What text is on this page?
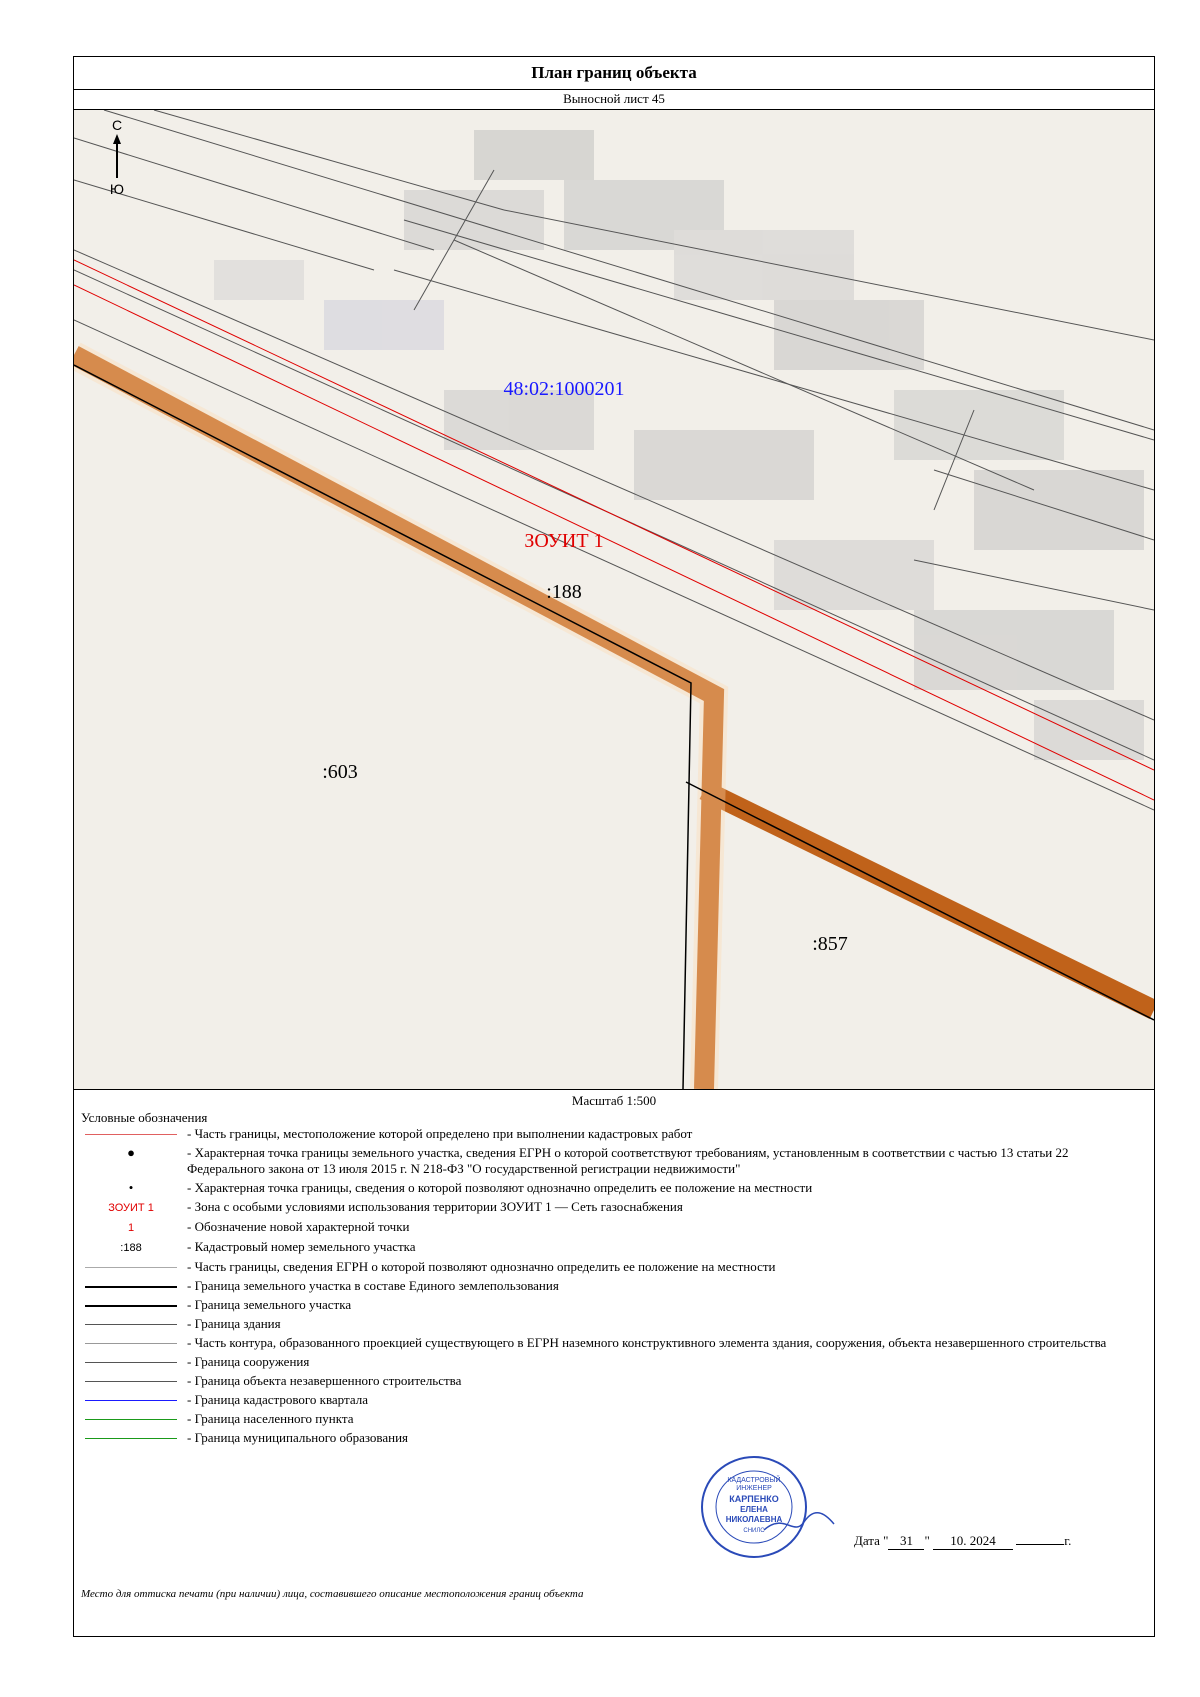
План границ объекта
Выносной лист 45
С
Ю
48:02:1000201
ЗОУИТ 1
:188
:603
:857
Масштаб 1:500
Условные обозначения
- Часть границы, местоположение которой определено при выполнении кадастровых работ
●	- Характерная точка границы земельного участка, сведения ЕГРН о которой соответствуют требованиям, установленным в соответствии с частью 13 статьи 22 Федерального закона от 13 июля 2015 г. N 218-ФЗ "О государственной регистрации недвижимости"
•	- Характерная точка границы, сведения о которой позволяют однозначно определить ее положение на местности
ЗОУИТ 1	- Зона с особыми условиями использования территории ЗОУИТ 1 — Сеть газоснабжения
1	- Обозначение новой характерной точки
:188	- Кадастровый номер земельного участка
- Часть границы, сведения ЕГРН о которой позволяют однозначно определить ее положение на местности
- Граница земельного участка в составе Единого землепользования
- Граница земельного участка
- Граница здания
- Часть контура, образованного проекцией существующего в ЕГРН наземного конструктивного элемента здания, сооружения, объекта незавершенного строительства
- Граница сооружения
- Граница объекта незавершенного строительства
- Граница кадастрового квартала
- Граница населенного пункта
- Граница муниципального образования
КАДАСТРОВЫЙ
ИНЖЕНЕР
КАРПЕНКО
ЕЛЕНА
НИКОЛАЕВНА
СНИЛС
Дата " 31 " 10. 2024	г.
Место для оттиска печати (при наличии) лица, составившего описание местоположения границ объекта
